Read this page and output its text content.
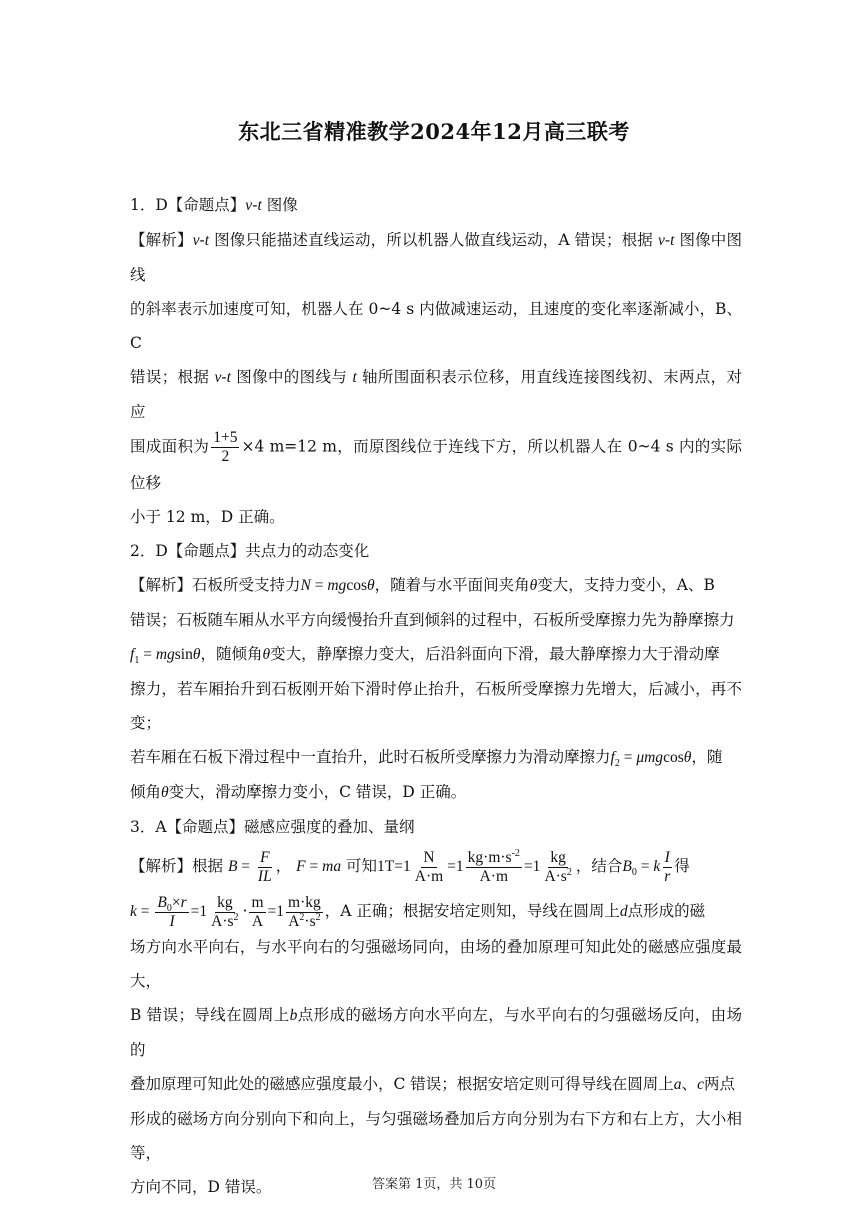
东北三省精准教学2024年12月高三联考
1．D【命题点】v-t 图像

【解析】v-t 图像只能描述直线运动，所以机器人做直线运动，A 错误；根据 v-t 图像中图线
的斜率表示加速度可知，机器人在 0~4 s 内做减速运动，且速度的变化率逐渐减小，B、C
错误；根据 v-t 图像中的图线与 t 轴所围面积表示位移，用直线连接图线初、末两点，对应
围成面积为 $\frac{1+5}{2} \times 4$ m=12 m，而原图线位于连线下方，所以机器人在 0~4 s 内的实际位移
小于 12 m，D 正确。

2．D【命题点】共点力的动态变化

【解析】石板所受支持力N = mgcosθ，随着与水平面间夹角θ变大，支持力变小，A、B
错误；石板随车厢从水平方向缓慢抬升直到倾斜的过程中，石板所受摩擦力先为静摩擦力
$f_1 = mgsin\theta$，随倾角θ变大，静摩擦力变大，后沿斜面向下滑，最大静摩擦力大于滑动摩
擦力，若车厢抬升到石板刚开始下滑时停止抬升，石板所受摩擦力先增大，后减小，再不变；
若车厢在石板下滑过程中一直抬升，此时石板所受摩擦力为滑动摩擦力$f_2 = \mu mgcos\theta$，随
倾角θ变大，滑动摩擦力变小，C 错误，D 正确。

3．A【命题点】磁感应强度的叠加、量纲

【解析】根据 $B = \frac{F}{IL}$ ， F = ma 可知$1T=1 \frac{N}{A\cdot m} =1 \frac{kg\cdot m\cdot s^{-2}}{A\cdot m} =1 \frac{kg}{A\cdot s^2}$ ，结合$B_0 = k \frac{I}{r}$ 得
$k = \frac{B_0\times r}{I} =1 \frac{kg}{A\cdot s^2} \cdot \frac{m}{A} =1 \frac{m\cdot kg}{A^2\cdot s^2}$ ，A 正确；根据安培定则知，导线在圆周上d点形成的磁

场方向水平向右，与水平向右的匀强磁场同向，由场的叠加原理可知此处的磁感应强度最大，
B 错误；导线在圆周上b点形成的磁场方向水平向左，与水平向右的匀强磁场反向，由场的
叠加原理可知此处的磁感应强度最小，C 错误；根据安培定则可得导线在圆周上a、c两点
形成的磁场方向分别向下和向上，与匀强磁场叠加后方向分别为右下方和右上方，大小相等，
方向不同，D 错误。	答案第 1页，共 10页
